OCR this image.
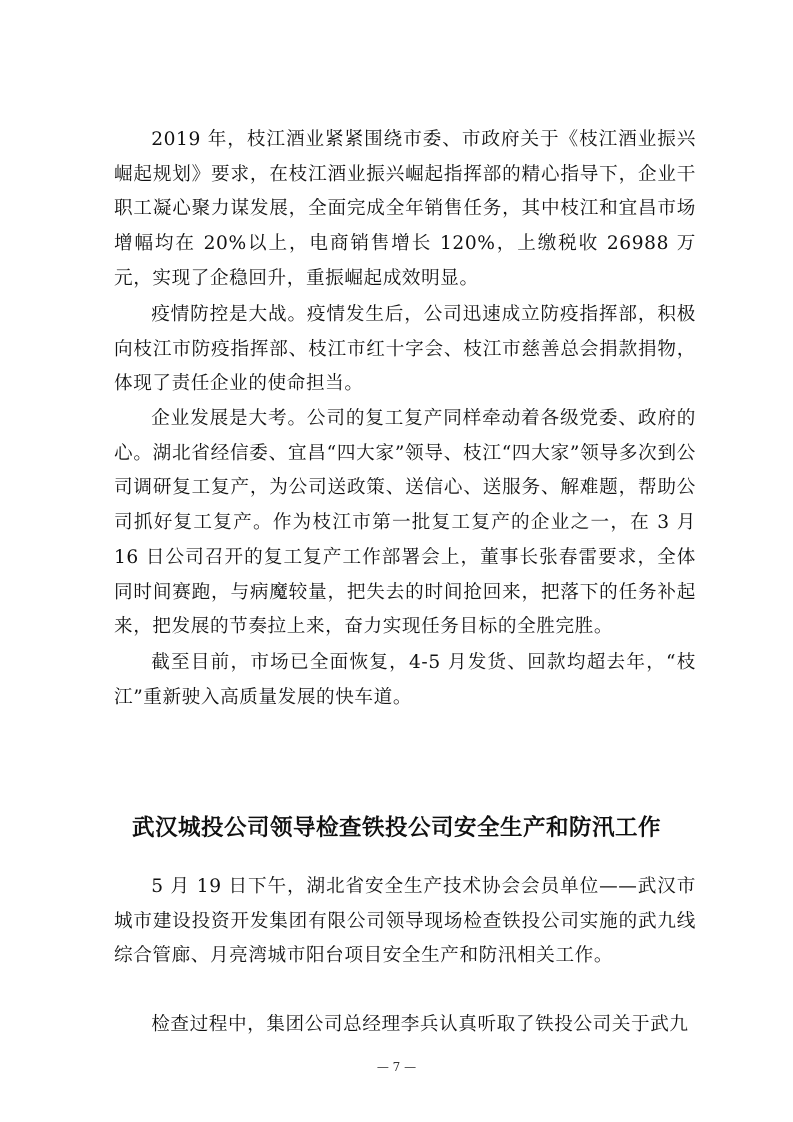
2019 年，枝江酒业紧紧围绕市委、市政府关于《枝江酒业振兴崛起规划》要求，在枝江酒业振兴崛起指挥部的精心指导下，企业干职工凝心聚力谋发展，全面完成全年销售任务，其中枝江和宜昌市场增幅均在 20%以上，电商销售增长 120%，上缴税收 26988 万元，实现了企稳回升，重振崛起成效明显。

疫情防控是大战。疫情发生后，公司迅速成立防疫指挥部，积极向枝江市防疫指挥部、枝江市红十字会、枝江市慈善总会捐款捐物，体现了责任企业的使命担当。

企业发展是大考。公司的复工复产同样牵动着各级党委、政府的心。湖北省经信委、宜昌“四大家”领导、枝江“四大家”领导多次到公司调研复工复产，为公司送政策、送信心、送服务、解难题，帮助公司抓好复工复产。作为枝江市第一批复工复产的企业之一，在 3 月 16 日公司召开的复工复产工作部署会上，董事长张春雷要求，全体同时间赛跑，与病魔较量，把失去的时间抢回来，把落下的任务补起来，把发展的节奏拉上来，奋力实现任务目标的全胜完胜。

截至目前，市场已全面恢复，4-5 月发货、回款均超去年，“枝江”重新驶入高质量发展的快车道。

武汉城投公司领导检查铁投公司安全生产和防汛工作

5 月 19 日下午，湖北省安全生产技术协会会员单位——武汉市城市建设投资开发集团有限公司领导现场检查铁投公司实施的武九线综合管廊、月亮湾城市阳台项目安全生产和防汛相关工作。

检查过程中，集团公司总经理李兵认真听取了铁投公司关于武九

— 7 —
